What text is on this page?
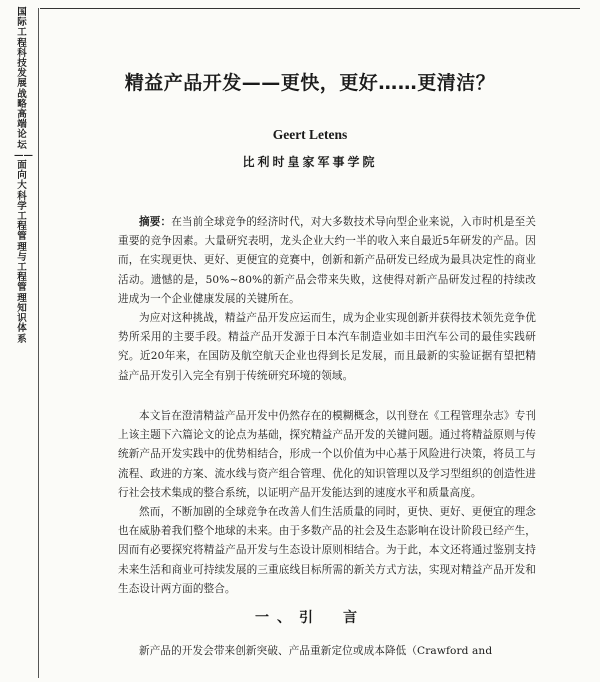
国际工程科技发展战略高端论坛——面向大科学工程管理与工程管理知识体系
精益产品开发——更快，更好……更清洁？
Geert Letens
比利时皇家军事学院

摘要：在当前全球竞争的经济时代，对大多数技术导向型企业来说，入市时机是至关重要的竞争因素。大量研究表明，龙头企业大约一半的收入来自最近5年研发的产品。因而，在实现更快、更好、更便宜的竞赛中，创新和新产品研发已经成为最具决定性的商业活动。遗憾的是，50%~80%的新产品会带来失败，这使得对新产品研发过程的持续改进成为一个企业健康发展的关键所在。

为应对这种挑战，精益产品开发应运而生，成为企业实现创新并获得技术领先竞争优势所采用的主要手段。精益产品开发源于日本汽车制造业如丰田汽车公司的最佳实践研究。近20年来，在国防及航空航天企业也得到长足发展，而且最新的实验证据有望把精益产品开发引入完全有别于传统研究环境的领域。

本文旨在澄清精益产品开发中仍然存在的模糊概念，以刊登在《工程管理杂志》专刊上该主题下六篇论文的论点为基础，探究精益产品开发的关键问题。通过将精益原则与传统新产品开发实践中的优势相结合，形成一个以价值为中心基于风险进行决策，将员工与流程、政进的方案、流水线与资产组合管理、优化的知识管理以及学习型组织的创造性进行社会技术集成的整合系统，以证明产品开发能达到的速度水平和质量高度。

然而，不断加剧的全球竞争在改善人们生活质量的同时，更快、更好、更便宜的理念也在威胁着我们整个地球的未来。由于多数产品的社会及生态影响在设计阶段已经产生，因而有必要探究将精益产品开发与生态设计原则相结合。为于此，本文还将通过鉴别支持未来生活和商业可持续发展的三重底线目标所需的新关方式方法，实现对精益产品开发和生态设计两方面的整合。

一、引　言

新产品的开发会带来创新突破、产品重新定位或成本降低（Crawford and
